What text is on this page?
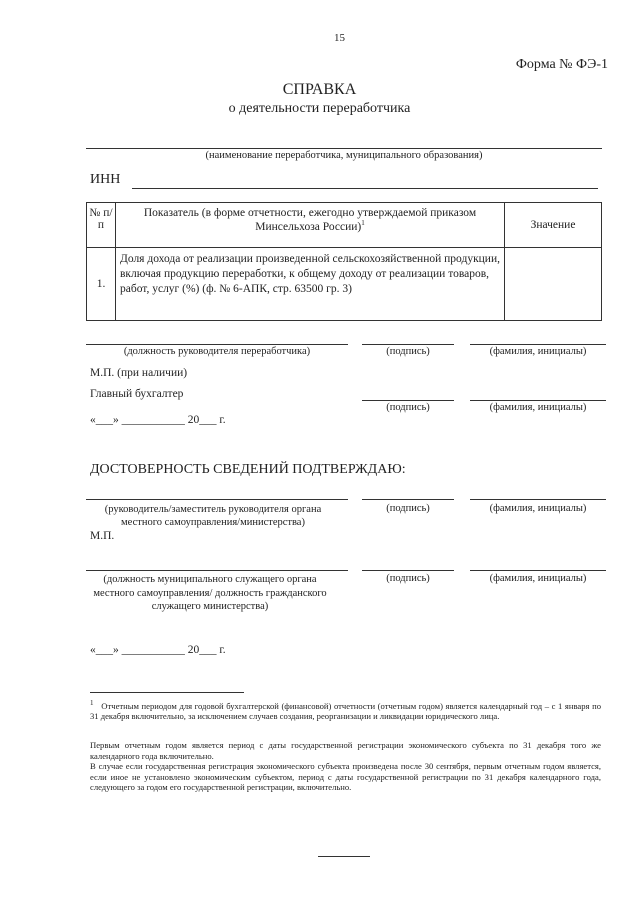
15
Форма № ФЭ-1
СПРАВКА
о деятельности переработчика
(наименование переработчика, муниципального образования)
ИНН
№ п/п	Показатель (в форме отчетности, ежегодно утверждаемой приказом Минсельхоза России)$^1$	Значение
1.	Доля дохода от реализации произведенной сельскохозяйственной продукции, включая продукцию переработки, к общему доходу от реализации товаров, работ, услуг (%) (ф. № 6-АПК, стр. 63500 гр. 3)	
(должность руководителя переработчика)	(подпись)	(фамилия, инициалы)
М.П. (при наличии)
Главный бухгалтер
(подпись)	(фамилия, инициалы)
«___» ___________ 20___ г.
ДОСТОВЕРНОСТЬ СВЕДЕНИЙ ПОДТВЕРЖДАЮ:
(руководитель/заместитель руководителя органа местного самоуправления/министерства)
(подпись)	(фамилия, инициалы)
М.П.
(должность муниципального служащего органа местного самоуправления/ должность гражданского служащего министерства)
(подпись)	(фамилия, инициалы)
«___» ___________ 20___ г.
$^1$ Отчетным периодом для годовой бухгалтерской (финансовой) отчетности (отчетным годом) является календарный год – с 1 января по 31 декабря включительно, за исключением случаев создания, реорганизации и ликвидации юридического лица.
Первым отчетным годом является период с даты государственной регистрации экономического субъекта по 31 декабря того же календарного года включительно.
В случае если государственная регистрация экономического субъекта произведена после 30 сентября, первым отчетным годом является, если иное не установлено экономическим субъектом, период с даты государственной регистрации по 31 декабря календарного года, следующего за годом его государственной регистрации, включительно.
